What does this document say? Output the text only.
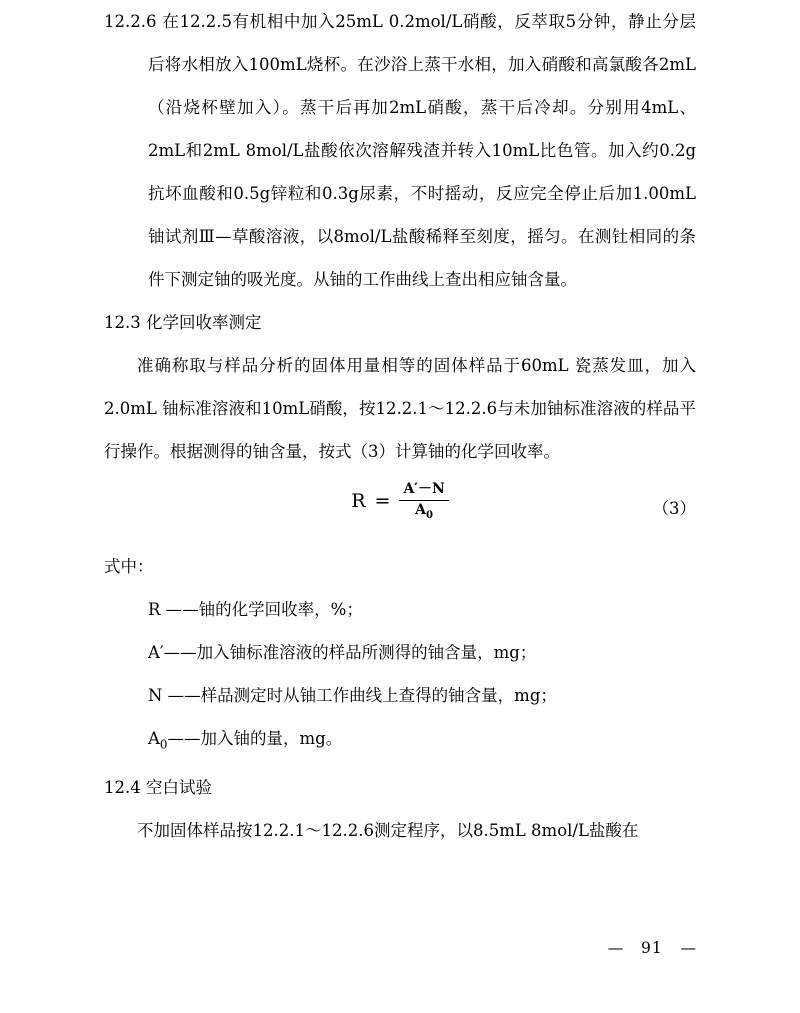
12.2.6 在12.2.5有机相中加入25mL 0.2mol/L硝酸，反萃取5分钟，静止分层后将水相放入100mL烧杯。在沙浴上蒸干水相，加入硝酸和高氯酸各2mL（沿烧杯壁加入）。蒸干后再加2mL硝酸，蒸干后冷却。分别用4mL、2mL和2mL 8mol/L盐酸依次溶解残渣并转入10mL比色管。加入约0.2g抗坏血酸和0.5g锌粒和0.3g尿素，不时摇动，反应完全停止后加1.00mL铀试剂Ⅲ—草酸溶液，以8mol/L盐酸稀释至刻度，摇匀。在测钍相同的条件下测定铀的吸光度。从铀的工作曲线上查出相应铀含量。

12.3 化学回收率测定

准确称取与样品分析的固体用量相等的固体样品于60mL 瓷蒸发皿，加入2.0mL 铀标准溶液和10mL硝酸，按12.2.1～12.2.6与未加铀标准溶液的样品平行操作。根据测得的铀含量，按式（3）计算铀的化学回收率。

$R = \frac{A'-N}{A_0}$	（3）

式中：

R ——铀的化学回收率，%；
A′——加入铀标准溶液的样品所测得的铀含量，mg；
N ——样品测定时从铀工作曲线上查得的铀含量，mg；
$A_0——$加入铀的量，mg。

12.4 空白试验

不加固体样品按12.2.1～12.2.6测定程序，以8.5mL 8mol/L盐酸在

— 91 —
